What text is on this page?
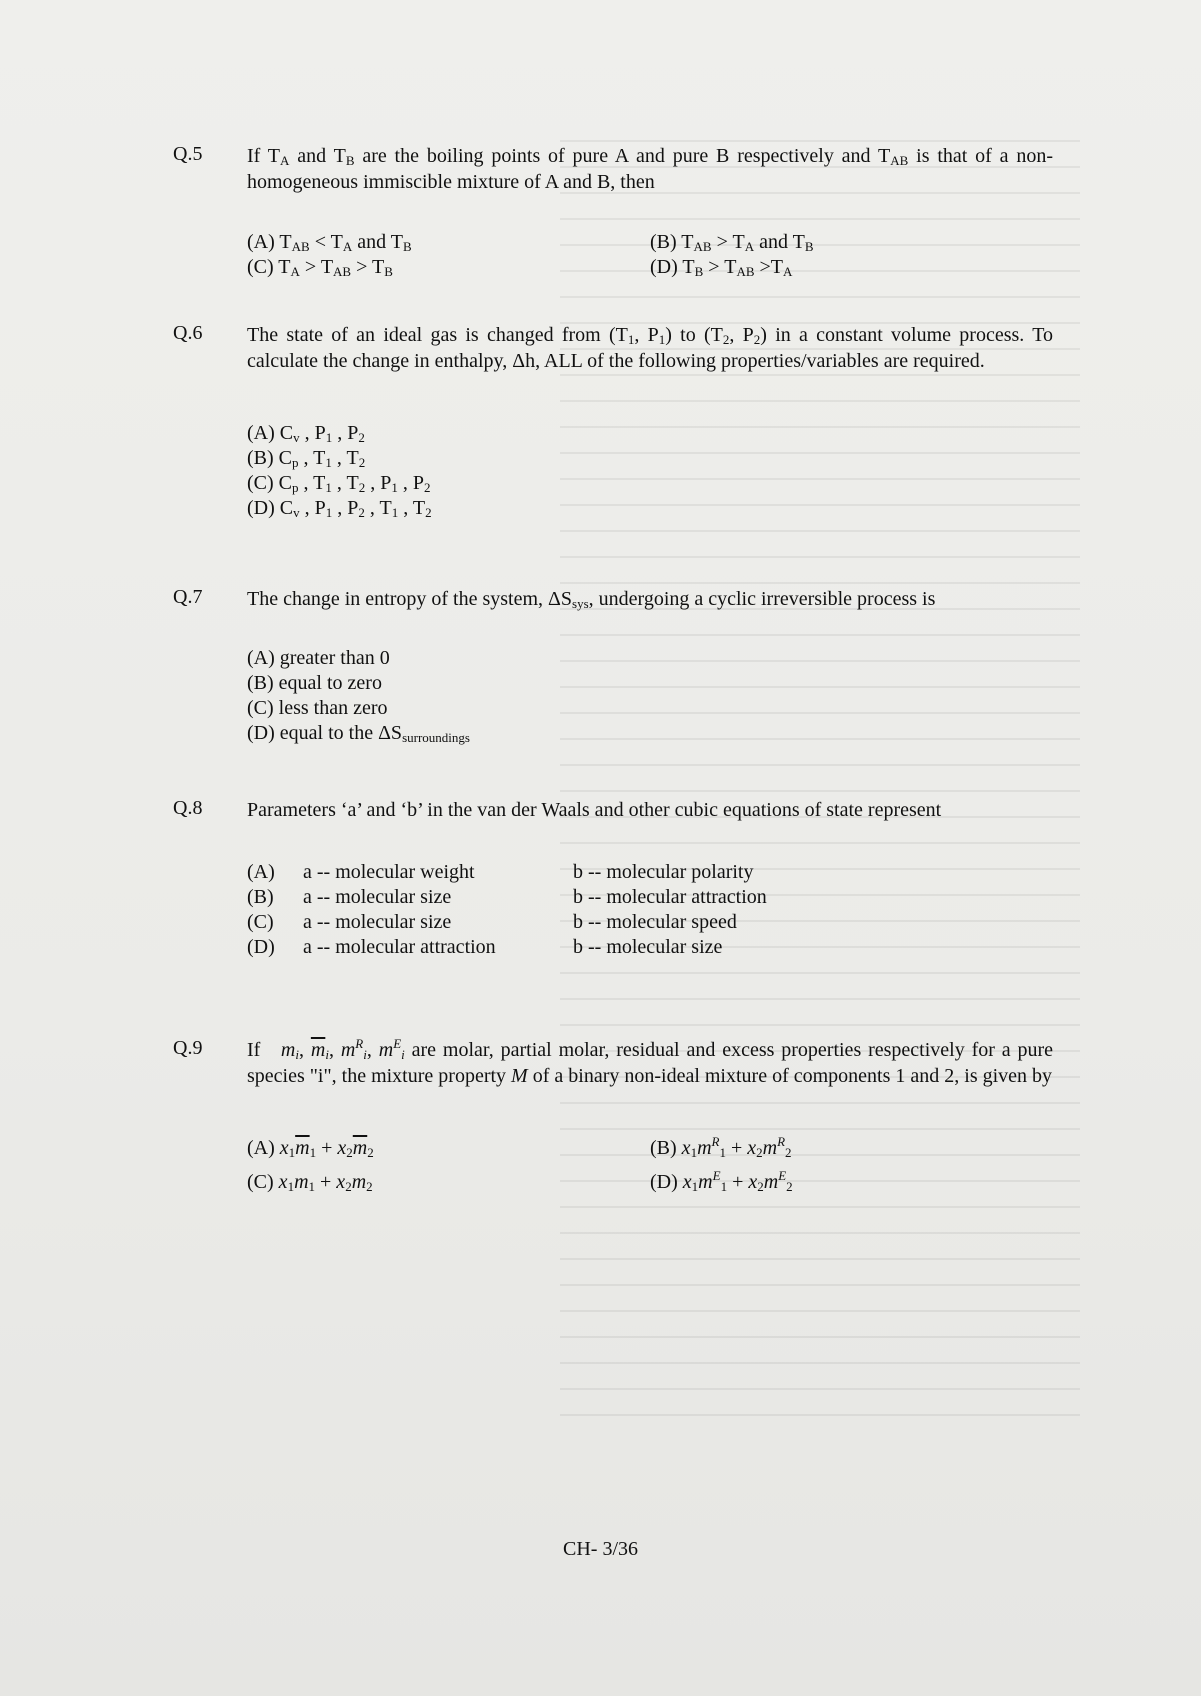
Q.5 If $T_A$ and $T_B$ are the boiling points of pure A and pure B respectively and $T_{AB}$ is that of a non-homogeneous immiscible mixture of A and B, then
(A) $T_{AB} < T_A$ and $T_B$	(B) $T_{AB} > T_A$ and $T_B$
(C) $T_A > T_{AB} > T_B$	(D) $T_B > T_{AB} >T_A$
Q.6 The state of an ideal gas is changed from ($T_1$, $P_1$) to ($T_2$, $P_2$) in a constant volume process. To calculate the change in enthalpy, Δh, ALL of the following properties/variables are required.
(A) $C_v$ , $P_1$ , $P_2$
(B) $C_p$ , $T_1$ , $T_2$
(C) $C_p$ , $T_1$ , $T_2$ , $P_1$ , $P_2$
(D) $C_v$ , $P_1$ , $P_2$ , $T_1$ , $T_2$
Q.7 The change in entropy of the system, $\Delta S_{sys}$, undergoing a cyclic irreversible process is
(A) greater than 0
(B) equal to zero
(C) less than zero
(D) equal to the $\Delta S_{surroundings}$
Q.8 Parameters ‘a’ and ‘b’ in the van der Waals and other cubic equations of state represent
(A)	a -- molecular weight	b -- molecular polarity
(B)	a -- molecular size	b -- molecular attraction
(C)	a -- molecular size	b -- molecular speed
(D)	a -- molecular attraction	b -- molecular size
Q.9 If $m_i$, $\overline{m}_i$, $m^R_i$, $m^E_i$ are molar, partial molar, residual and excess properties respectively for a pure species "i", the mixture property M of a binary non-ideal mixture of components 1 and 2, is given by
(A) $x_1\overline{m}_1 + x_2\overline{m}_2$	(B) $x_1m^R_1 + x_2m^R_2$
(C) $x_1m_1 + x_2m_2$	(D) $x_1m^E_1 + x_2m^E_2$
CH- 3/36
